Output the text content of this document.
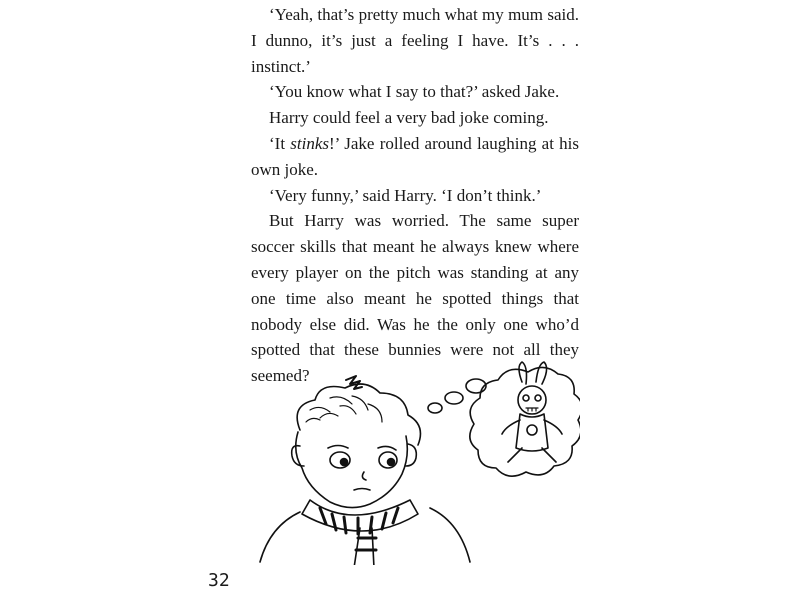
‘Yeah, that’s pretty much what my mum said. I dunno, it’s just a feeling I have. It’s . . . instinct.’

‘You know what I say to that?’ asked Jake.

Harry could feel a very bad joke coming.

‘It stinks!’ Jake rolled around laughing at his own joke.

‘Very funny,’ said Harry. ‘I don’t think.’

But Harry was worried. The same super soccer skills that meant he always knew where every player on the pitch was standing at any one time also meant he spotted things that nobody else did. Was he the only one who’d spotted that these bunnies were not all they seemed?

32
